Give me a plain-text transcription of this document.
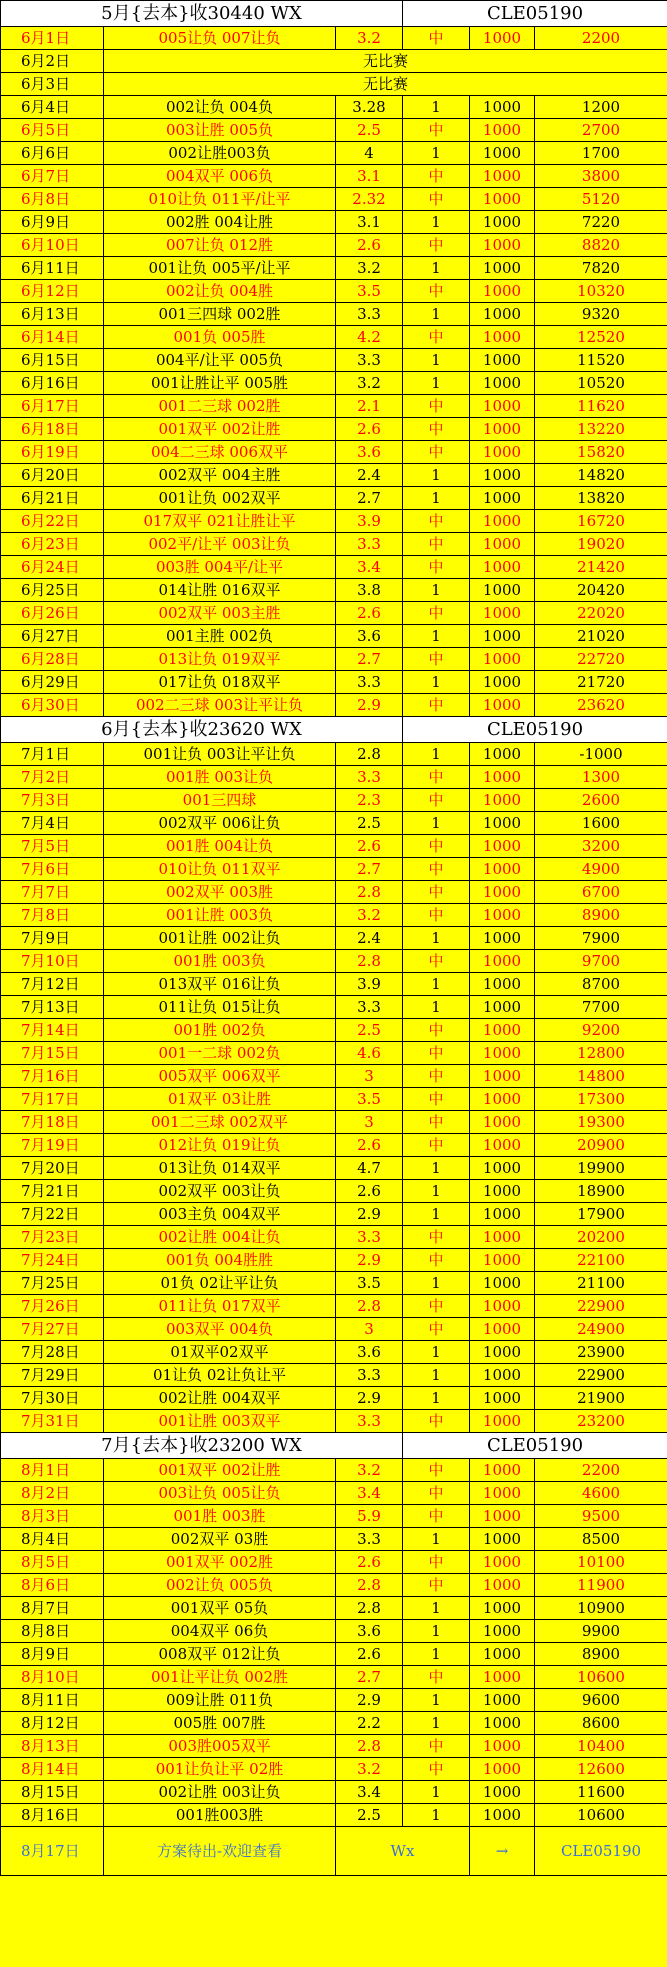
5月{去本}收30440 WX			CLE05190		
6月1日	005让负 007让负	3.2	中	1000	2200
6月2日	无比赛				
6月3日	无比赛				
6月4日	002让负 004负	3.28	1	1000	1200
6月5日	003让胜 005负	2.5	中	1000	2700
6月6日	002让胜003负	4	1	1000	1700
6月7日	004双平 006负	3.1	中	1000	3800
6月8日	010让负 011平/让平	2.32	中	1000	5120
6月9日	002胜 004让胜	3.1	1	1000	7220
6月10日	007让负 012胜	2.6	中	1000	8820
6月11日	001让负 005平/让平	3.2	1	1000	7820
6月12日	002让负 004胜	3.5	中	1000	10320
6月13日	001三四球 002胜	3.3	1	1000	9320
6月14日	001负 005胜	4.2	中	1000	12520
6月15日	004平/让平 005负	3.3	1	1000	11520
6月16日	001让胜让平 005胜	3.2	1	1000	10520
6月17日	001二三球 002胜	2.1	中	1000	11620
6月18日	001双平 002让胜	2.6	中	1000	13220
6月19日	004二三球 006双平	3.6	中	1000	15820
6月20日	002双平 004主胜	2.4	1	1000	14820
6月21日	001让负 002双平	2.7	1	1000	13820
6月22日	017双平 021让胜让平	3.9	中	1000	16720
6月23日	002平/让平 003让负	3.3	中	1000	19020
6月24日	003胜 004平/让平	3.4	中	1000	21420
6月25日	014让胜 016双平	3.8	1	1000	20420
6月26日	002双平 003主胜	2.6	中	1000	22020
6月27日	001主胜 002负	3.6	1	1000	21020
6月28日	013让负 019双平	2.7	中	1000	22720
6月29日	017让负 018双平	3.3	1	1000	21720
6月30日	002二三球 003让平让负	2.9	中	1000	23620
6月{去本}收23620 WX			CLE05190		
7月1日	001让负 003让平让负	2.8	1	1000	-1000
7月2日	001胜 003让负	3.3	中	1000	1300
7月3日	001三四球	2.3	中	1000	2600
7月4日	002双平 006让负	2.5	1	1000	1600
7月5日	001胜 004让负	2.6	中	1000	3200
7月6日	010让负 011双平	2.7	中	1000	4900
7月7日	002双平 003胜	2.8	中	1000	6700
7月8日	001让胜 003负	3.2	中	1000	8900
7月9日	001让胜 002让负	2.4	1	1000	7900
7月10日	001胜 003负	2.8	中	1000	9700
7月12日	013双平 016让负	3.9	1	1000	8700
7月13日	011让负 015让负	3.3	1	1000	7700
7月14日	001胜 002负	2.5	中	1000	9200
7月15日	001一二球 002负	4.6	中	1000	12800
7月16日	005双平 006双平	3	中	1000	14800
7月17日	01双平 03让胜	3.5	中	1000	17300
7月18日	001二三球 002双平	3	中	1000	19300
7月19日	012让负 019让负	2.6	中	1000	20900
7月20日	013让负 014双平	4.7	1	1000	19900
7月21日	002双平 003让负	2.6	1	1000	18900
7月22日	003主负 004双平	2.9	1	1000	17900
7月23日	002让胜 004让负	3.3	中	1000	20200
7月24日	001负 004胜胜	2.9	中	1000	22100
7月25日	01负 02让平让负	3.5	1	1000	21100
7月26日	011让负 017双平	2.8	中	1000	22900
7月27日	003双平 004负	3	中	1000	24900
7月28日	01双平02双平	3.6	1	1000	23900
7月29日	01让负 02让负让平	3.3	1	1000	22900
7月30日	002让胜 004双平	2.9	1	1000	21900
7月31日	001让胜 003双平	3.3	中	1000	23200
7月{去本}收23200 WX			CLE05190		
8月1日	001双平 002让胜	3.2	中	1000	2200
8月2日	003让负 005让负	3.4	中	1000	4600
8月3日	001胜 003胜	5.9	中	1000	9500
8月4日	002双平 03胜	3.3	1	1000	8500
8月5日	001双平 002胜	2.6	中	1000	10100
8月6日	002让负 005负	2.8	中	1000	11900
8月7日	001双平 05负	2.8	1	1000	10900
8月8日	004双平 06负	3.6	1	1000	9900
8月9日	008双平 012让负	2.6	1	1000	8900
8月10日	001让平让负 002胜	2.7	中	1000	10600
8月11日	009让胜 011负	2.9	1	1000	9600
8月12日	005胜 007胜	2.2	1	1000	8600
8月13日	003胜005双平	2.8	中	1000	10400
8月14日	001让负让平 02胜	3.2	中	1000	12600
8月15日	002让胜 003让负	3.4	1	1000	11600
8月16日	001胜003胜	2.5	1	1000	10600
8月17日	方案待出-欢迎查看	Wx		→	CLE05190
